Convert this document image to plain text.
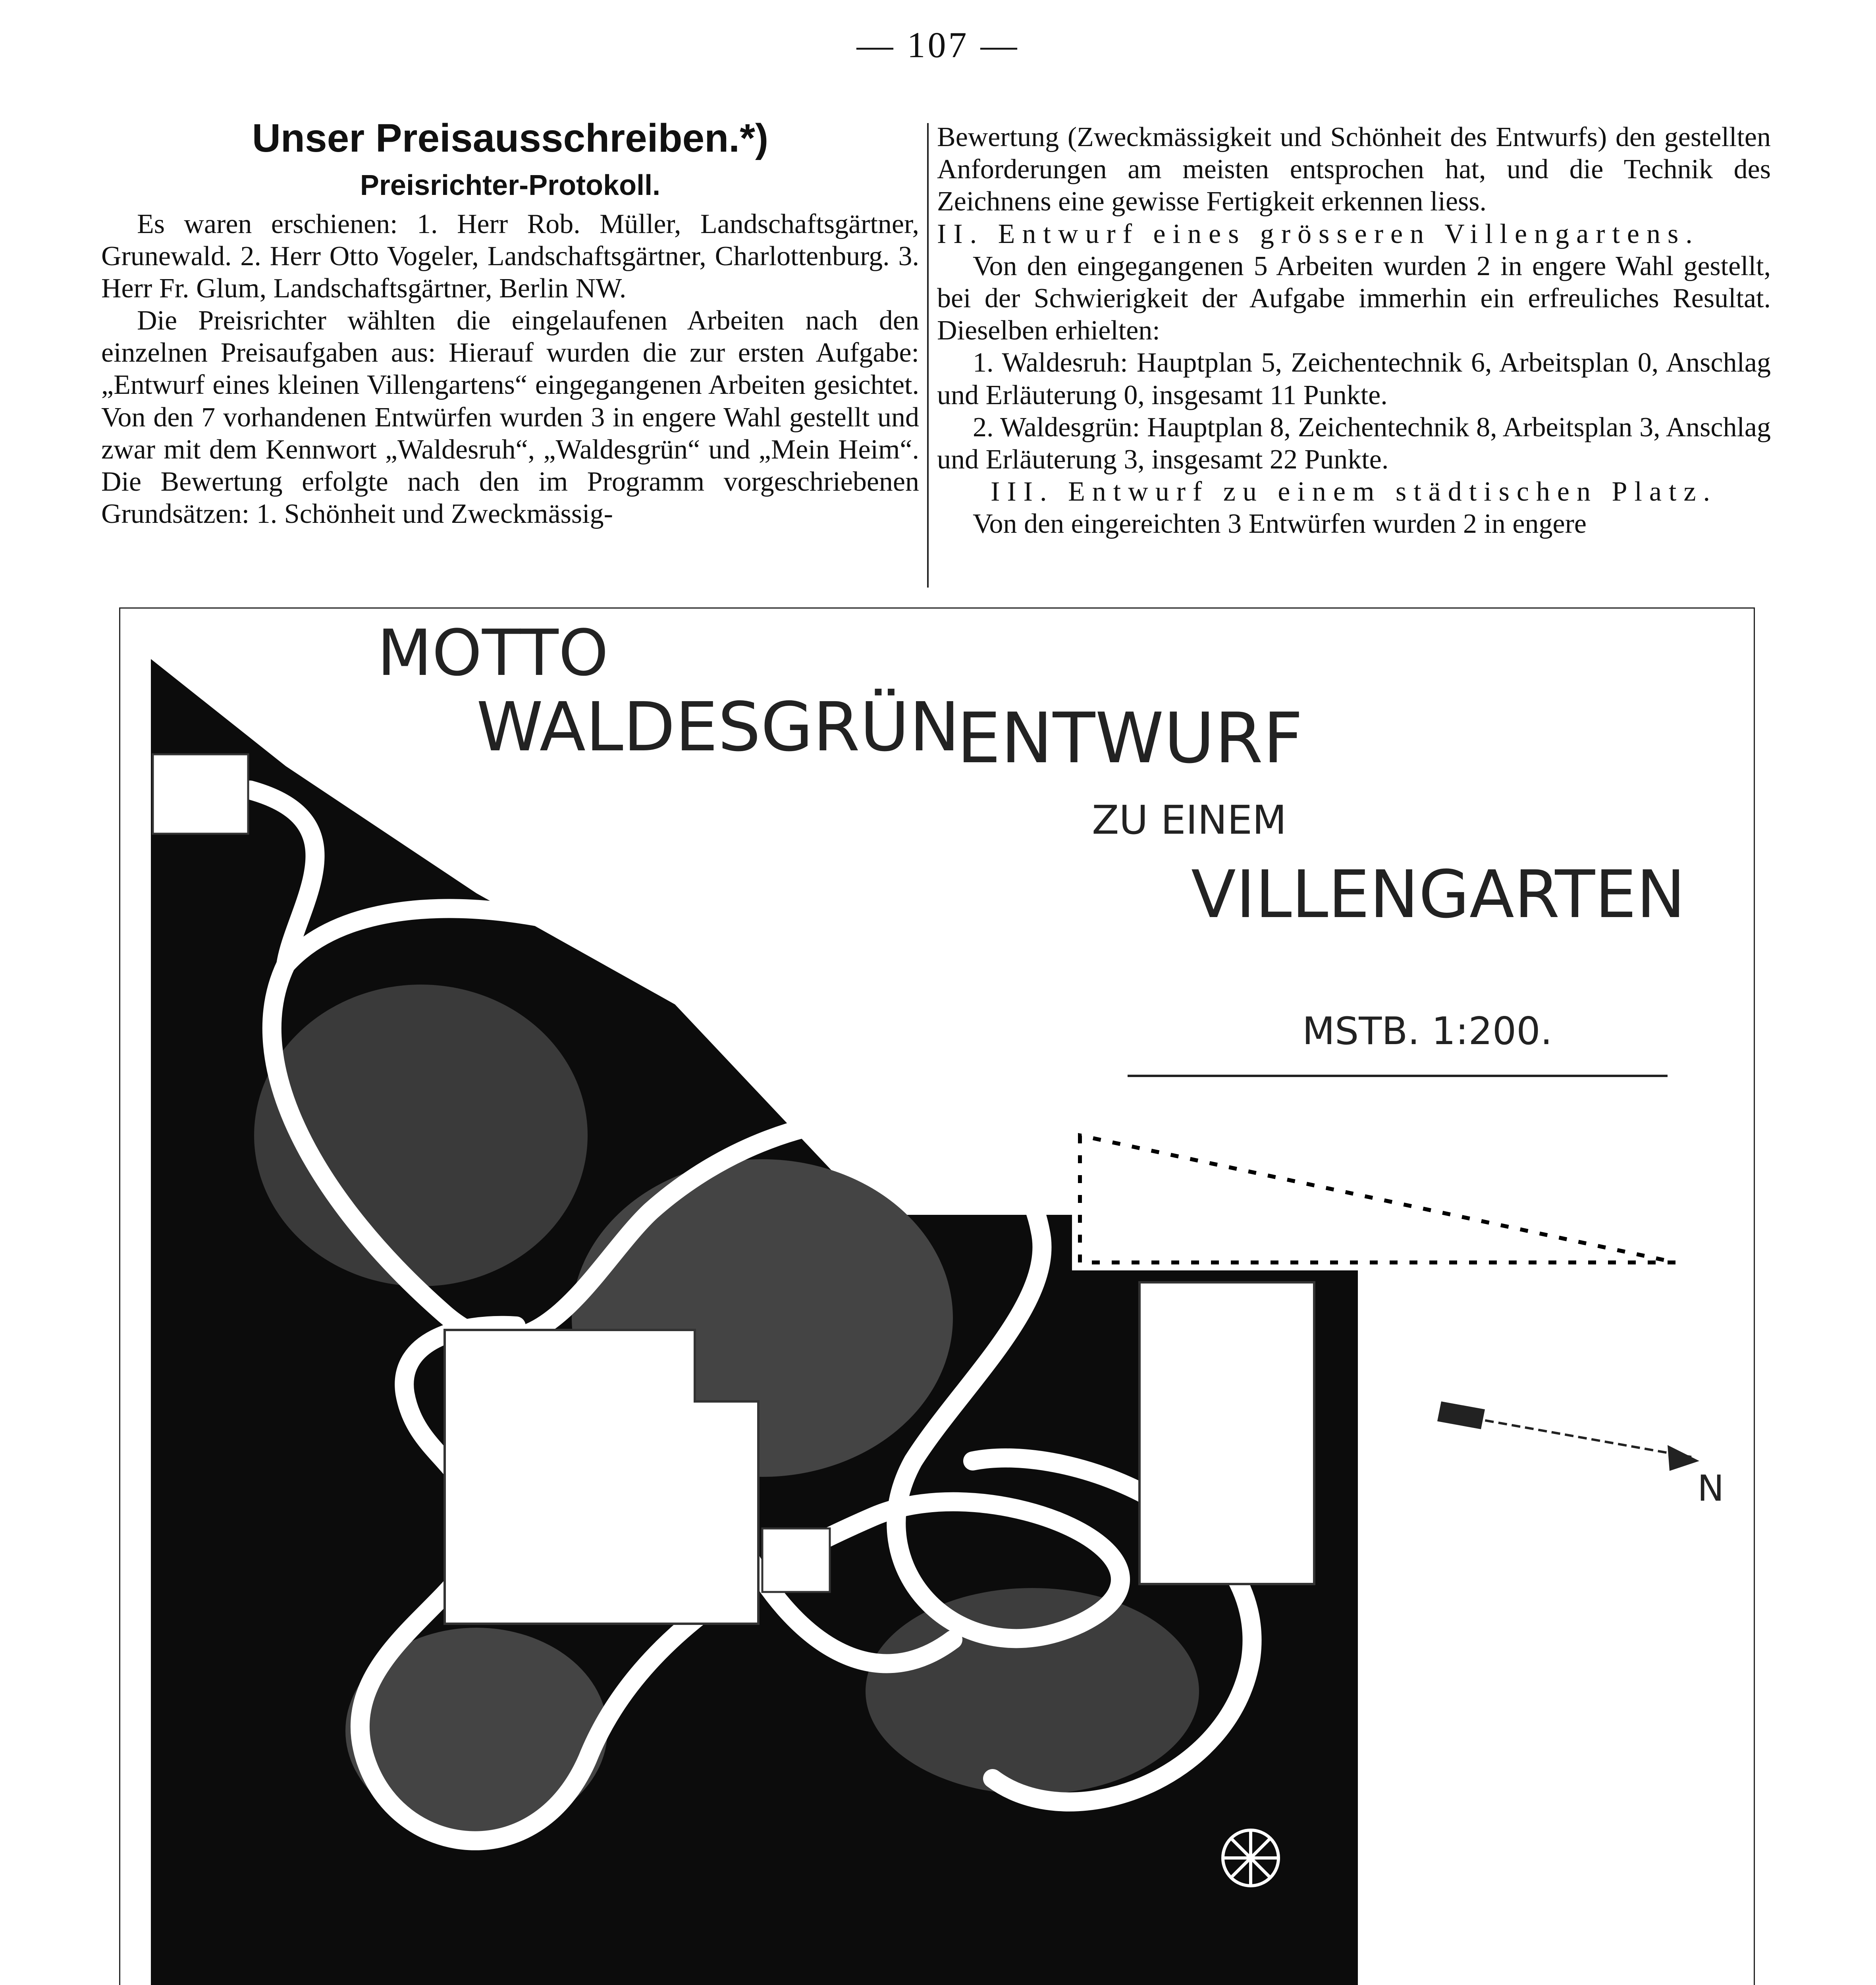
— 107 —
Unser Preisausschreiben.*)
Preisrichter-Protokoll.

Es waren erschienen: 1. Herr Rob. Müller, Landschaftsgärtner, Grunewald. 2. Herr Otto Vogeler, Landschaftsgärtner, Charlottenburg. 3. Herr Fr. Glum, Landschaftsgärtner, Berlin NW.

Die Preisrichter wählten die eingelaufenen Arbeiten nach den einzelnen Preisaufgaben aus: Hierauf wurden die zur ersten Aufgabe: „Entwurf eines kleinen Villengartens“ eingegangenen Arbeiten gesichtet. Von den 7 vorhandenen Entwürfen wurden 3 in engere Wahl gestellt und zwar mit dem Kennwort „Waldesruh“, „Waldesgrün“ und „Mein Heim“. Die Bewertung erfolgte nach den im Programm vorgeschriebenen Grundsätzen: 1. Schönheit und Zweckmässig-

Bewertung (Zweckmässigkeit und Schönheit des Entwurfs) den gestellten Anforderungen am meisten entsprochen hat, und die Technik des Zeichnens eine gewisse Fertigkeit erkennen liess.

II. Entwurf eines grösseren Villengartens.

Von den eingegangenen 5 Arbeiten wurden 2 in engere Wahl gestellt, bei der Schwierigkeit der Aufgabe immerhin ein erfreuliches Resultat. Dieselben erhielten:

1. Waldesruh: Hauptplan 5, Zeichentechnik 6, Arbeitsplan 0, Anschlag und Erläuterung 0, insgesamt 11 Punkte.

2. Waldesgrün: Hauptplan 8, Zeichentechnik 8, Arbeitsplan 3, Anschlag und Erläuterung 3, insgesamt 22 Punkte.

III. Entwurf zu einem städtischen Platz.

Von den eingereichten 3 Entwürfen wurden 2 in engere

MOTTO
WALDESGRÜN
ENTWURF
ZU EINEM
VILLENGARTEN
MSTB. 1:200.
N
